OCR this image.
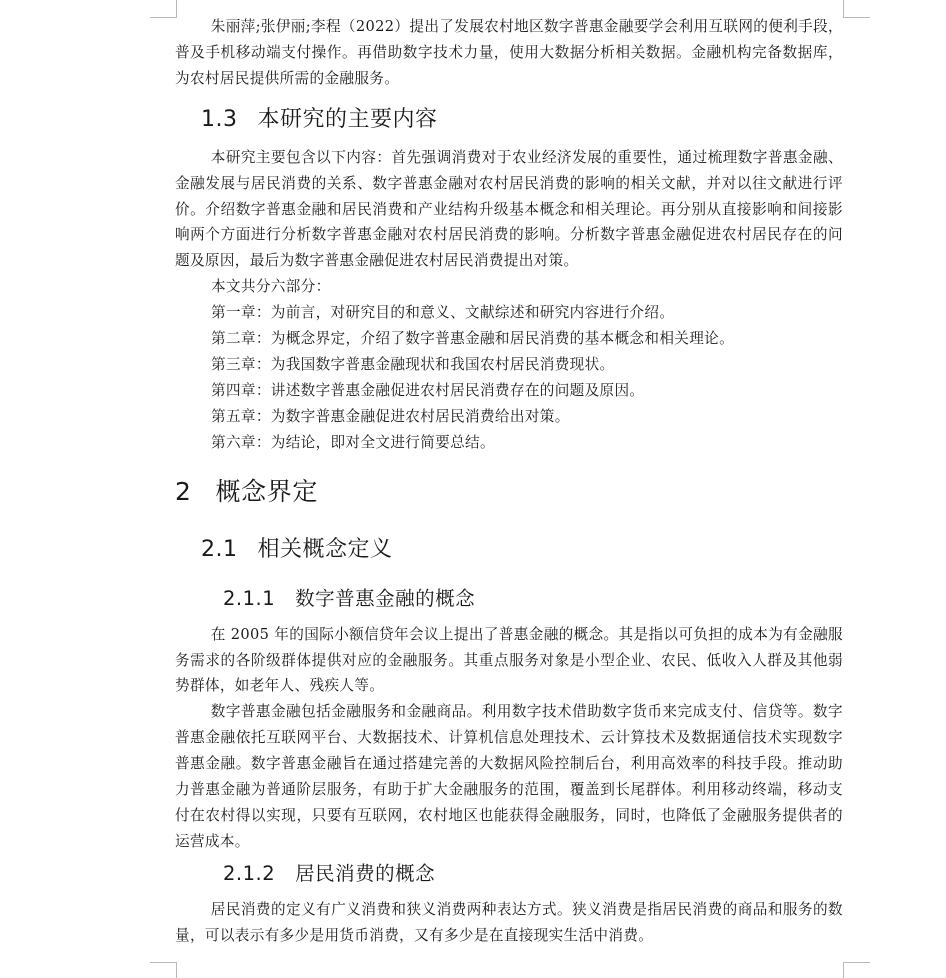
朱丽萍;张伊丽;李程（2022）提出了发展农村地区数字普惠金融要学会利用互联网的便利手段，普及手机移动端支付操作。再借助数字技术力量，使用大数据分析相关数据。金融机构完备数据库，为农村居民提供所需的金融服务。

1.3 本研究的主要内容

本研究主要包含以下内容：首先强调消费对于农业经济发展的重要性，通过梳理数字普惠金融、金融发展与居民消费的关系、数字普惠金融对农村居民消费的影响的相关文献，并对以往文献进行评价。介绍数字普惠金融和居民消费和产业结构升级基本概念和相关理论。再分别从直接影响和间接影响两个方面进行分析数字普惠金融对农村居民消费的影响。分析数字普惠金融促进农村居民存在的问题及原因，最后为数字普惠金融促进农村居民消费提出对策。

本文共分六部分：

第一章：为前言，对研究目的和意义、文献综述和研究内容进行介绍。

第二章：为概念界定，介绍了数字普惠金融和居民消费的基本概念和相关理论。

第三章：为我国数字普惠金融现状和我国农村居民消费现状。

第四章：讲述数字普惠金融促进农村居民消费存在的问题及原因。

第五章：为数字普惠金融促进农村居民消费给出对策。

第六章：为结论，即对全文进行简要总结。

2 概念界定
2.1 相关概念定义
2.1.1 数字普惠金融的概念

在 2005 年的国际小额信贷年会议上提出了普惠金融的概念。其是指以可负担的成本为有金融服务需求的各阶级群体提供对应的金融服务。其重点服务对象是小型企业、农民、低收入人群及其他弱势群体，如老年人、残疾人等。

数字普惠金融包括金融服务和金融商品。利用数字技术借助数字货币来完成支付、信贷等。数字普惠金融依托互联网平台、大数据技术、计算机信息处理技术、云计算技术及数据通信技术实现数字普惠金融。数字普惠金融旨在通过搭建完善的大数据风险控制后台，利用高效率的科技手段。推动助力普惠金融为普通阶层服务，有助于扩大金融服务的范围，覆盖到长尾群体。利用移动终端，移动支付在农村得以实现，只要有互联网，农村地区也能获得金融服务，同时，也降低了金融服务提供者的运营成本。

2.1.2 居民消费的概念

居民消费的定义有广义消费和狭义消费两种表达方式。狭义消费是指居民消费的商品和服务的数量，可以表示有多少是用货币消费，又有多少是在直接现实生活中消费。
